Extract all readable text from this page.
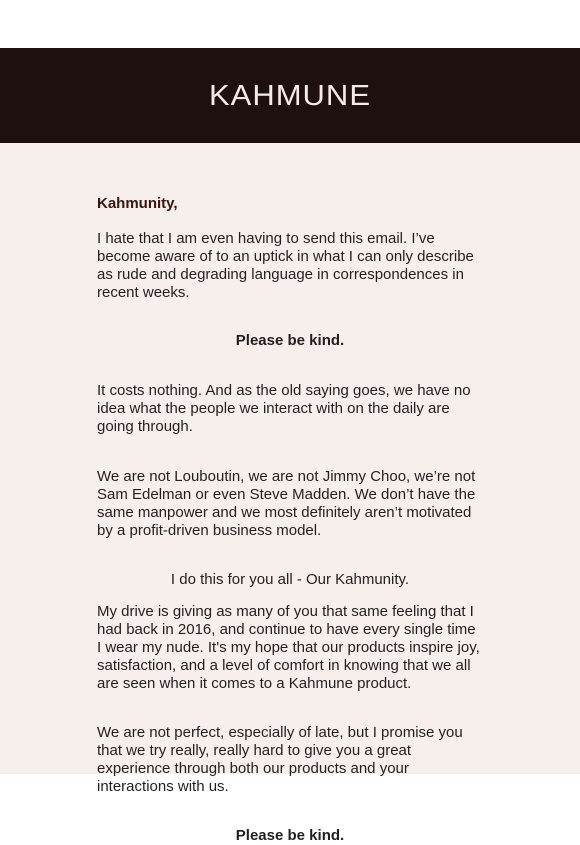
KAHMUNE

Kahmunity,

I hate that I am even having to send this email. I’ve become aware of to an uptick in what I can only describe as rude and degrading language in correspondences in recent weeks.

Please be kind.

It costs nothing. And as the old saying goes, we have no idea what the people we interact with on the daily are going through.

We are not Louboutin, we are not Jimmy Choo, we’re not Sam Edelman or even Steve Madden. We don’t have the same manpower and we most definitely aren’t motivated by a profit-driven business model.

I do this for you all - Our Kahmunity.

My drive is giving as many of you that same feeling that I had back in 2016, and continue to have every single time I wear my nude. It's my hope that our products inspire joy, satisfaction, and a level of comfort in knowing that we all are seen when it comes to a Kahmune product.

We are not perfect, especially of late, but I promise you that we try really, really hard to give you a great experience through both our products and your interactions with us.

Please be kind.
